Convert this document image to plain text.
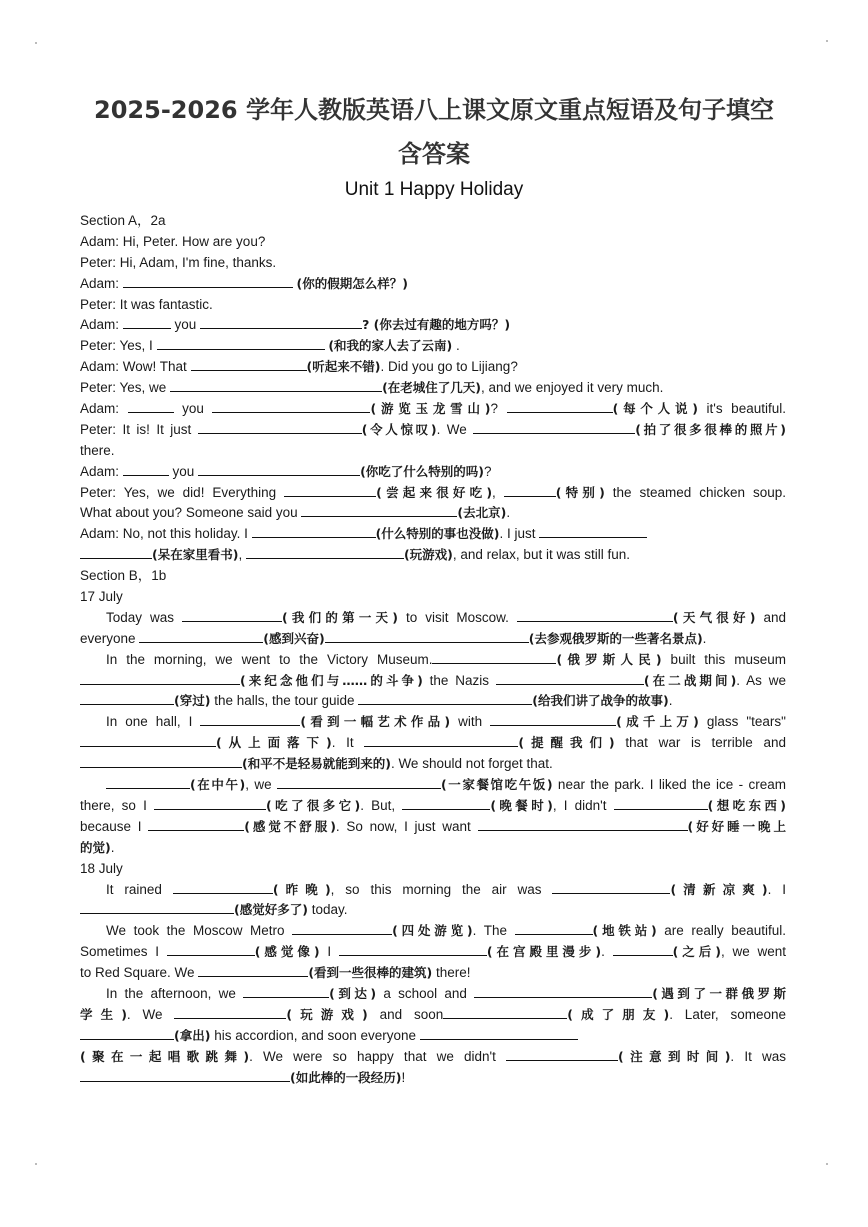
2025-2026 学年人教版英语八上课文原文重点短语及句子填空
含答案
Unit 1 Happy Holiday
Section A，2a
Adam: Hi, Peter. How are you?
Peter: Hi, Adam, I'm fine, thanks.
Adam:	(你的假期怎么样？)
Peter: It was fantastic.
Adam:	you	? (你去过有趣的地方吗？)
Peter: Yes, I	(和我的家人去了云南) .
Adam: Wow! That	(听起来不错). Did you go to Lijiang?
Peter: Yes, we	(在老城住了几天), and we enjoyed it very much.
Adam:	you	(游览玉龙雪山)?	(每个人说) it's beautiful.
Peter: It is! It just	(令人惊叹). We	(拍了很多很棒的照片)
there.
Adam:	you	(你吃了什么特别的吗)?
Peter: Yes, we did! Everything	(尝起来很好吃),	(特别) the steamed chicken soup.
What about you? Someone said you	(去北京).
Adam: No, not this holiday. I	(什么特别的事也没做). I just
(呆在家里看书),	(玩游戏), and relax, but it was still fun.
Section B，1b
17 July
Today was	(我们的第一天) to visit Moscow.	(天气很好) and
everyone	(感到兴奋)	(去参观俄罗斯的一些著名景点).
In the morning, we went to the Victory Museum.	(俄罗斯人民) built this museum
(来纪念他们与……的斗争) the Nazis	(在二战期间). As we
(穿过) the halls, the tour guide	(给我们讲了战争的故事).
In one hall, I	(看到一幅艺术作品) with	(成千上万) glass "tears"
(从上面落下). It	(提醒我们) that war is terrible and
(和平不是轻易就能到来的). We should not forget that.
(在中午), we	(一家餐馆吃午饭) near the park. I liked the ice - cream
there, so I	(吃了很多它). But,	(晚餐时), I didn't	(想吃东西)
because I	(感觉不舒服). So now, I just want	(好好睡一晚上
的觉).
18 July
It rained	(昨晚), so this morning the air was	(清新凉爽). I
(感觉好多了) today.
We took the Moscow Metro	(四处游览). The	(地铁站) are really beautiful.
Sometimes I	(感觉像) I	(在宫殿里漫步).	(之后), we went
to Red Square. We	(看到一些很棒的建筑) there!
In the afternoon, we	(到达) a school and	(遇到了一群俄罗斯
学生). We	(玩游戏) and soon	(成了朋友). Later, someone
(拿出) his accordion, and soon everyone
(聚在一起唱歌跳舞). We were so happy that we didn't	(注意到时间). It was
(如此棒的一段经历)!
